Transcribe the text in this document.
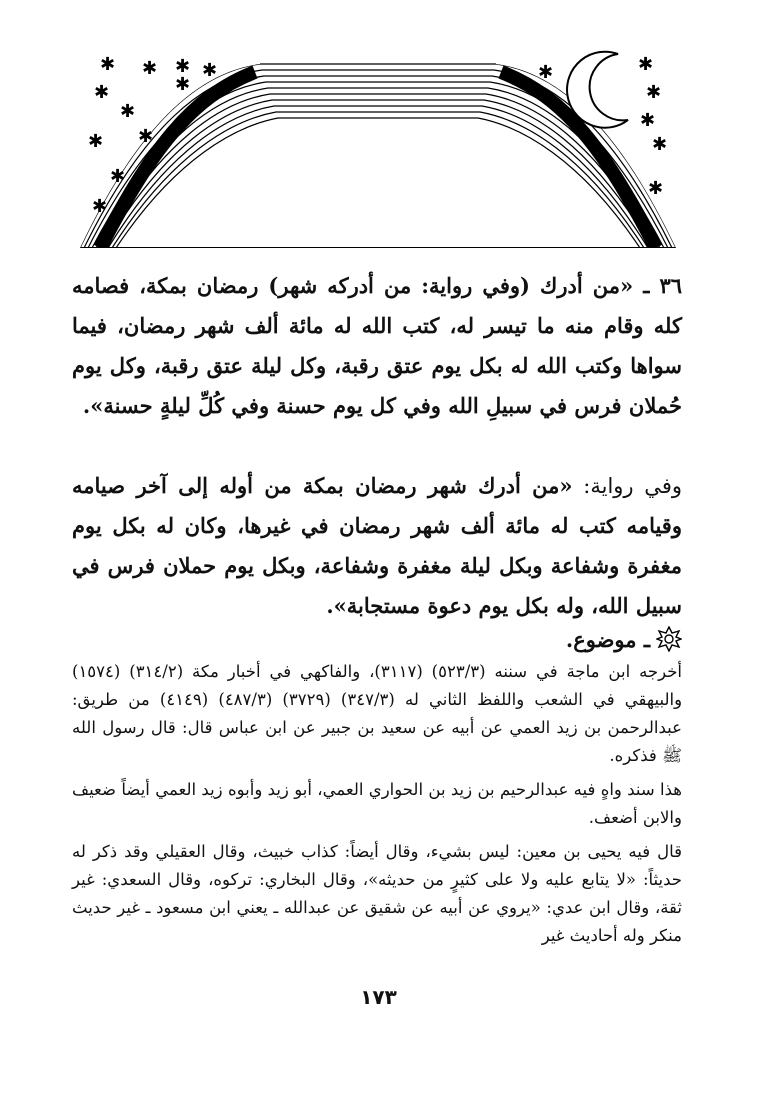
✱ ✱ ✱ ✱
✱	✱
✱
✱
✱
✱
✱
✱	✱
✱
✱
✱
✱
٣٦ ـ «من أدرك (وفي رواية: من أدركه شهر) رمضان بمكة، فصامه كله وقام منه ما تيسر له، كتب الله له مائة ألف شهر رمضان، فيما سواها وكتب الله له بكل يوم عتق رقبة، وكل ليلة عتق رقبة، وكل يوم حُملان فرس في سبيلِ الله وفي كل يوم حسنة وفي كُلِّ ليلةٍ حسنة».
وفي رواية: «من أدرك شهر رمضان بمكة من أوله إلى آخر صيامه وقيامه كتب له مائة ألف شهر رمضان في غيرها، وكان له بكل يوم مغفرة وشفاعة وبكل ليلة مغفرة وشفاعة، وبكل يوم حملان فرس في سبيل الله، وله بكل يوم دعوة مستجابة».
ـ موضوع.

أخرجه ابن ماجة في سننه (٥٢٣/٣) (٣١١٧)، والفاكهي في أخبار مكة (٣١٤/٢) (١٥٧٤) والبيهقي في الشعب واللفظ الثاني له (٣٤٧/٣) (٣٧٢٩) (٤٨٧/٣) (٤١٤٩) من طريق: عبدالرحمن بن زيد العمي عن أبيه عن سعيد بن جبير عن ابن عباس قال: قال رسول الله ﷺ فذكره.

هذا سند واهٍ فيه عبدالرحيم بن زيد بن الحواري العمي، أبو زيد وأبوه زيد العمي أيضاً ضعيف والابن أضعف.

قال فيه يحيى بن معين: ليس بشيء، وقال أيضاً: كذاب خبيث، وقال العقيلي وقد ذكر له حديثاً: «لا يتابع عليه ولا على كثيرٍ من حديثه»، وقال البخاري: تركوه، وقال السعدي: غير ثقة، وقال ابن عدي: «يروي عن أبيه عن شقيق عن عبدالله ـ يعني ابن مسعود ـ غير حديث منكر وله أحاديث غير

١٧٣
